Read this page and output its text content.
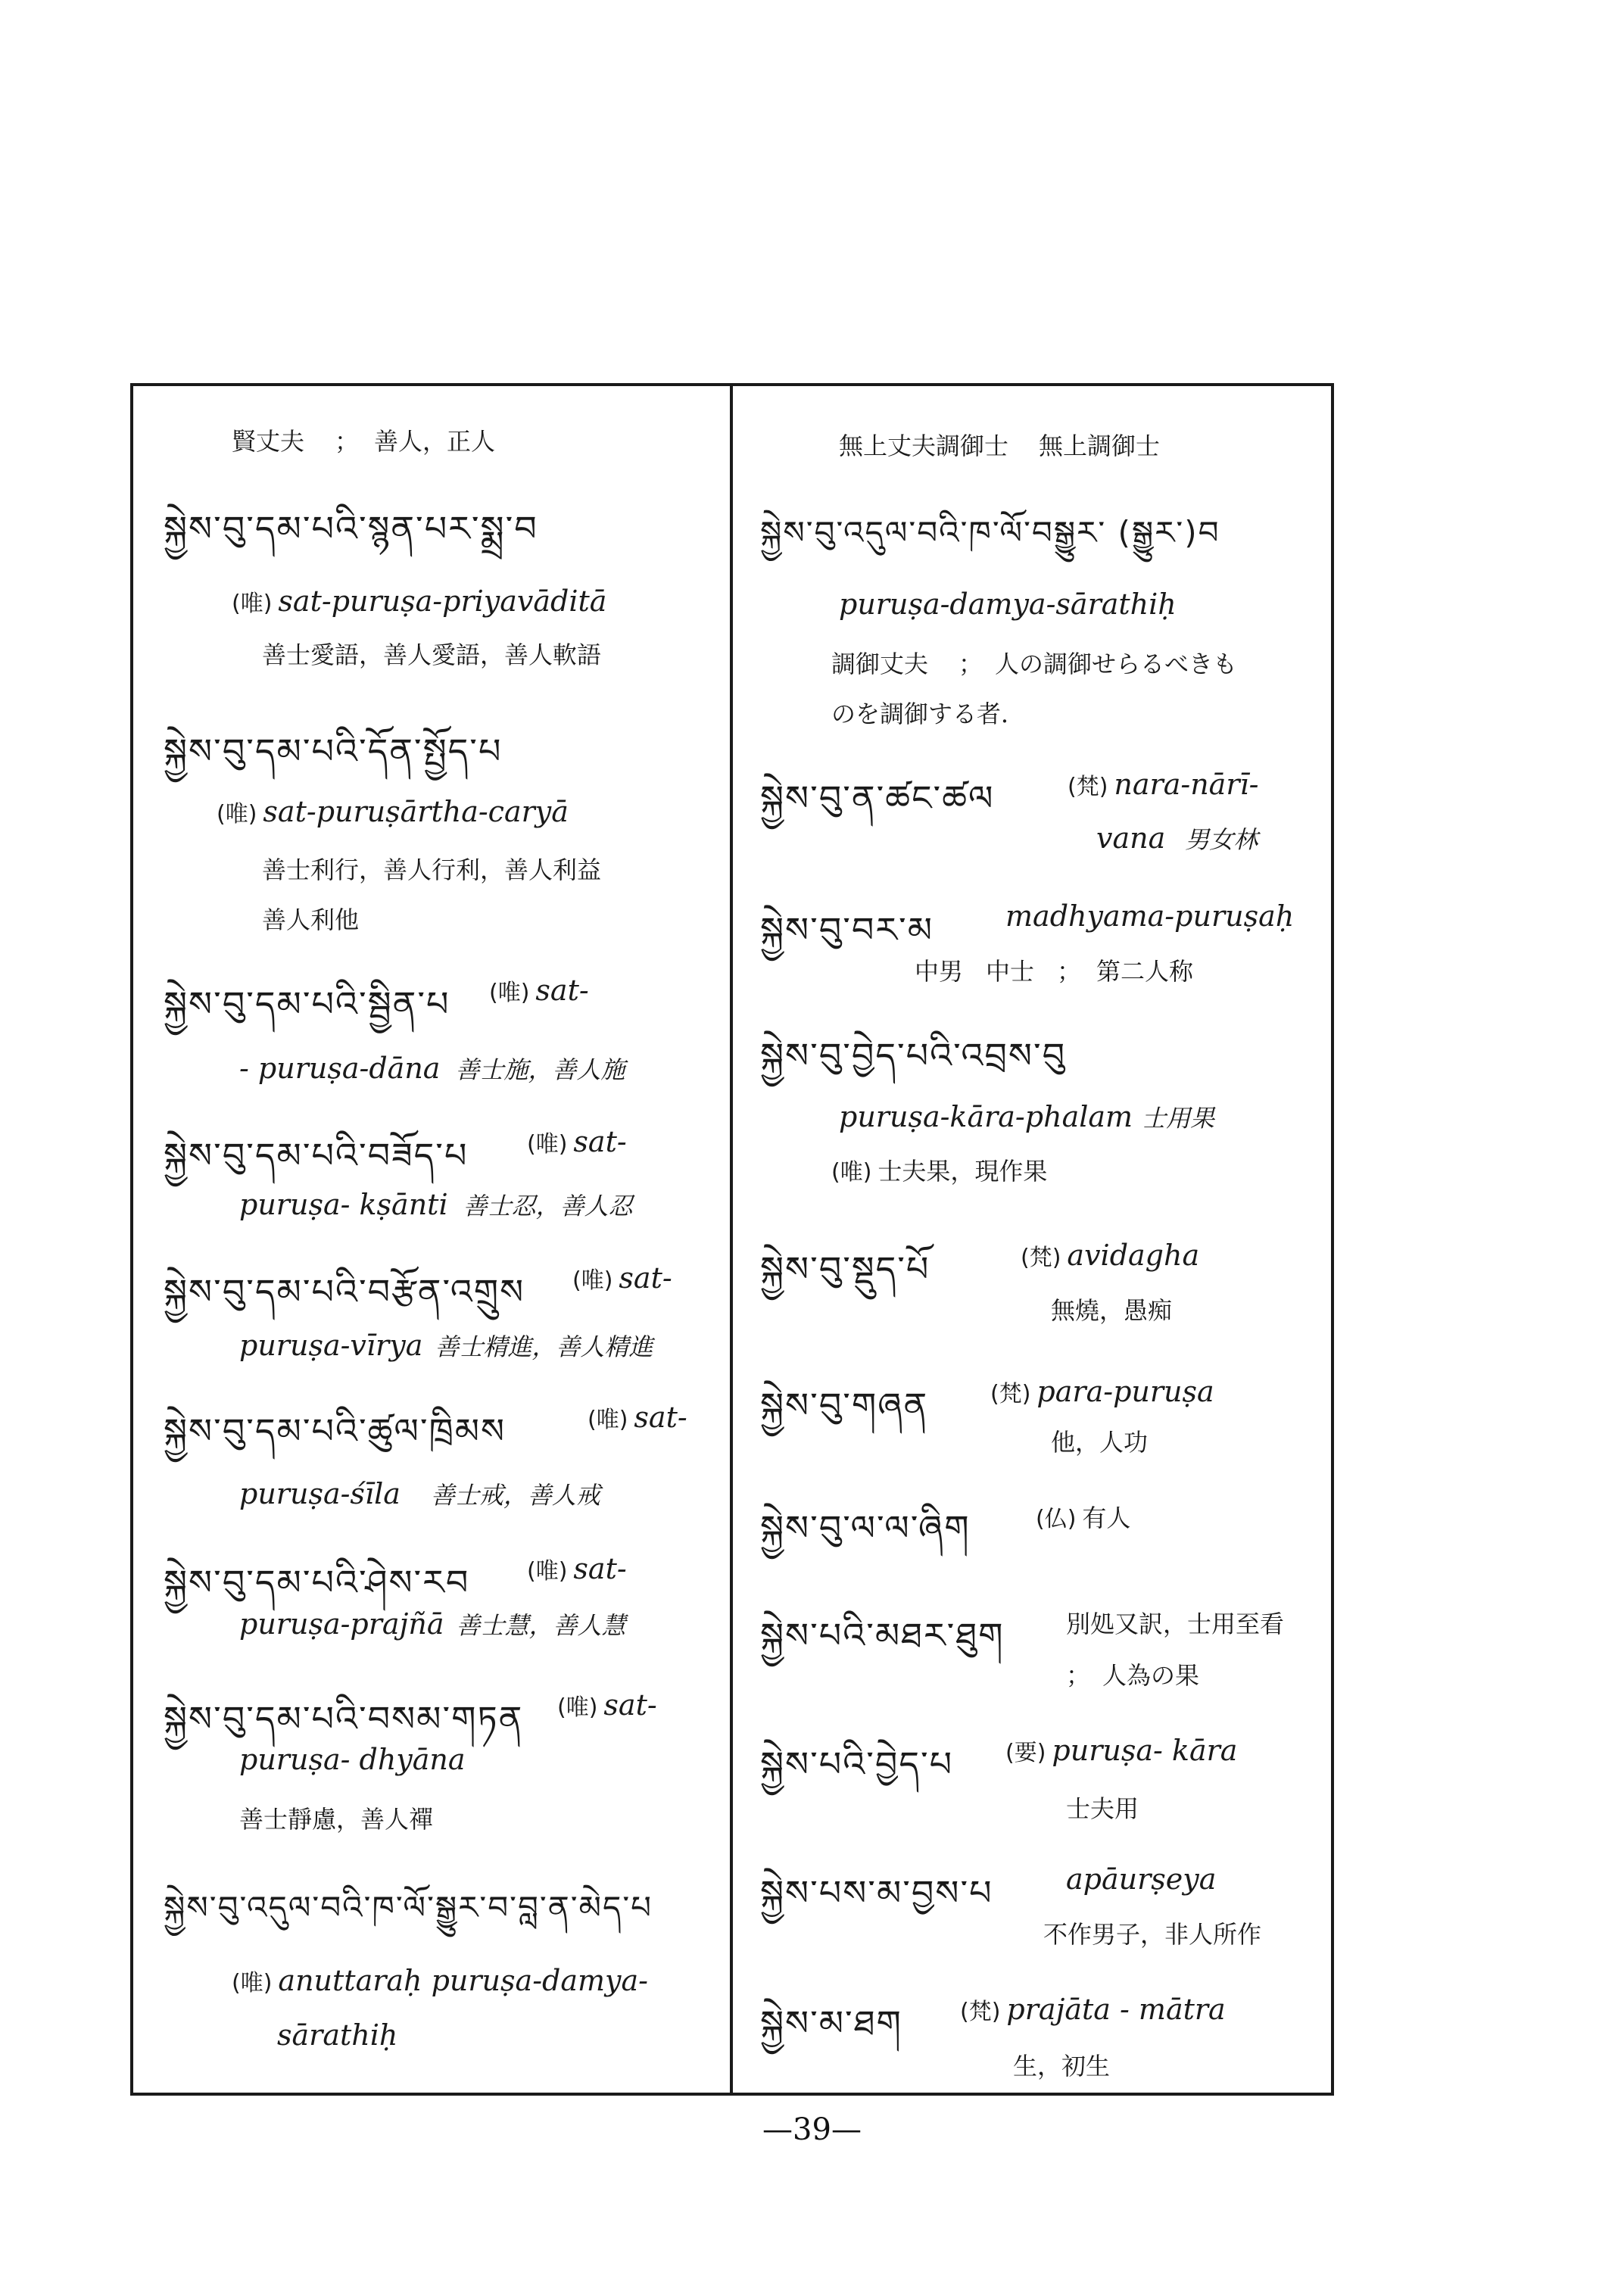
賢丈夫 ； 善人，正人
སྐྱེས་བུ་དམ་པའི་སྙན་པར་སྨྲ་བ
(唯) sat-puruṣa-priyavāditā
善士愛語，善人愛語，善人軟語
སྐྱེས་བུ་དམ་པའི་དོན་སྤྱོད་པ
(唯) sat-puruṣārtha-caryā
善士利行，善人行利，善人利益
善人利他
སྐྱེས་བུ་དམ་པའི་སྦྱིན་པ (唯) sat-
- puruṣa-dāna 善士施，善人施
སྐྱེས་བུ་དམ་པའི་བཟོད་པ	(唯) sat-
puruṣa- kṣānti 善士忍，善人忍
སྐྱེས་བུ་དམ་པའི་བརྩོན་འགྲུས (唯) sat-
puruṣa-vīrya 善士精進，善人精進
སྐྱེས་བུ་དམ་པའི་ཚུལ་ཁྲིམས	(唯) sat-
puruṣa-śīla 善士戒，善人戒
སྐྱེས་བུ་དམ་པའི་ཤེས་རབ	(唯) sat-
puruṣa-prajñā 善士慧，善人慧
སྐྱེས་བུ་དམ་པའི་བསམ་གཏན (唯) sat-
puruṣa- dhyāna
善士靜慮，善人禪
སྐྱེས་བུ་འདུལ་བའི་ཁ་ལོ་སྒྱུར་བ་བླ་ན་མེད་པ
(唯) anuttaraḥ puruṣa-damya-
sārathiḥ
無上丈夫調御士 無上調御士
སྐྱེས་བུ་འདུལ་བའི་ཁ་ལོ་བསྒྱུར་ (སྒྱུར་)བ
puruṣa-damya-sārathiḥ
調御丈夫 ； 人の調御せらるべきも
のを調御する者．
སྐྱེས་བུ་ན་ཚང་ཚལ	(梵) nara-nārī-
vana 男女林
སྐྱེས་བུ་བར་མ madhyama-puruṣaḥ
中男 中士 ； 第二人称
སྐྱེས་བུ་བྱེད་པའི་འབྲས་བུ
puruṣa-kāra-phalam 士用果
(唯) 士夫果，現作果
སྐྱེས་བུ་སྡུད་པོ	(梵) avidagha
無燒，愚痴
སྐྱེས་བུ་གཞན	(梵) para-puruṣa
他，人功
སྐྱེས་བུ་ལ་ལ་ཞིག	(仏) 有人
སྐྱེས་པའི་མཐར་ཐུག	別処又訳，士用至看
； 人為の果
སྐྱེས་པའི་བྱེད་པ (要) puruṣa- kāra
士夫用
སྐྱེས་པས་མ་བྱས་པ	apāurṣeya
不作男子，非人所作
སྐྱེས་མ་ཐག	(梵) prajāta - mātra
生，初生
—39—
